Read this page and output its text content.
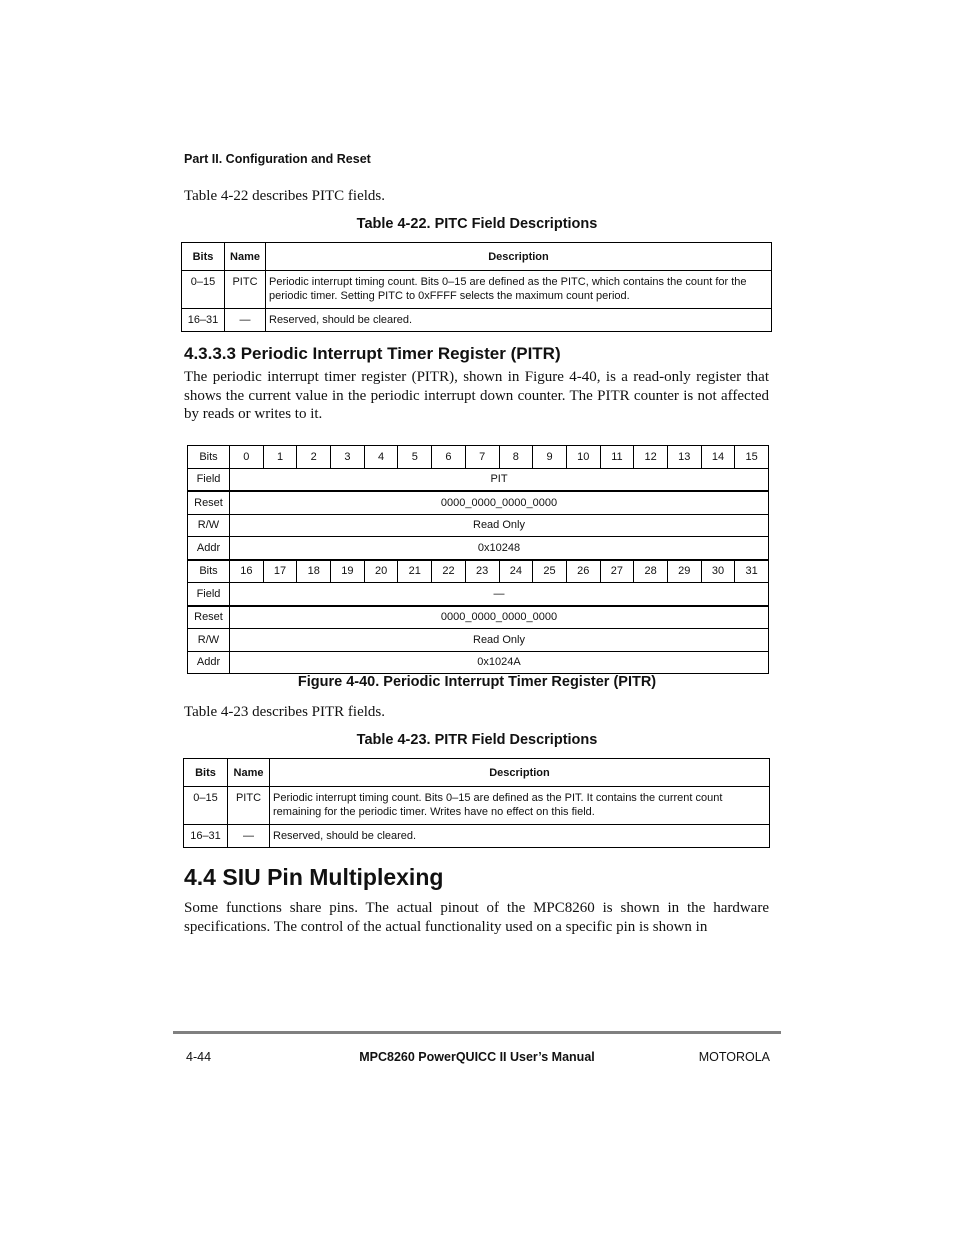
Part II. Configuration and Reset
Table 4-22 describes PITC fields.
Table 4-22. PITC Field Descriptions
Bits	Name	Description
0–15	PITC	Periodic interrupt timing count. Bits 0–15 are defined as the PITC, which contains the count for the periodic timer. Setting PITC to 0xFFFF selects the maximum count period.
16–31	—	Reserved, should be cleared.
4.3.3.3 Periodic Interrupt Timer Register (PITR)
The periodic interrupt timer register (PITR), shown in Figure 4-40, is a read-only register that shows the current value in the periodic interrupt down counter. The PITR counter is not affected by reads or writes to it.
Bits	0	1	2	3	4	5	6	7	8	9	10	11	12	13	14	15
Field	PIT															
Reset	0000_0000_0000_0000															
R/W	Read Only															
Addr	0x10248															
Bits	16	17	18	19	20	21	22	23	24	25	26	27	28	29	30	31
Field	—															
Reset	0000_0000_0000_0000															
R/W	Read Only															
Addr	0x1024A															
Figure 4-40. Periodic Interrupt Timer Register (PITR)
Table 4-23 describes PITR fields.
Table 4-23. PITR Field Descriptions
Bits	Name	Description
0–15	PITC	Periodic interrupt timing count. Bits 0–15 are defined as the PIT. It contains the current count remaining for the periodic timer. Writes have no effect on this field.
16–31	—	Reserved, should be cleared.
4.4 SIU Pin Multiplexing
Some functions share pins. The actual pinout of the MPC8260 is shown in the hardware specifications. The control of the actual functionality used on a specific pin is shown in
4-44	MPC8260 PowerQUICC II User’s Manual	MOTOROLA
